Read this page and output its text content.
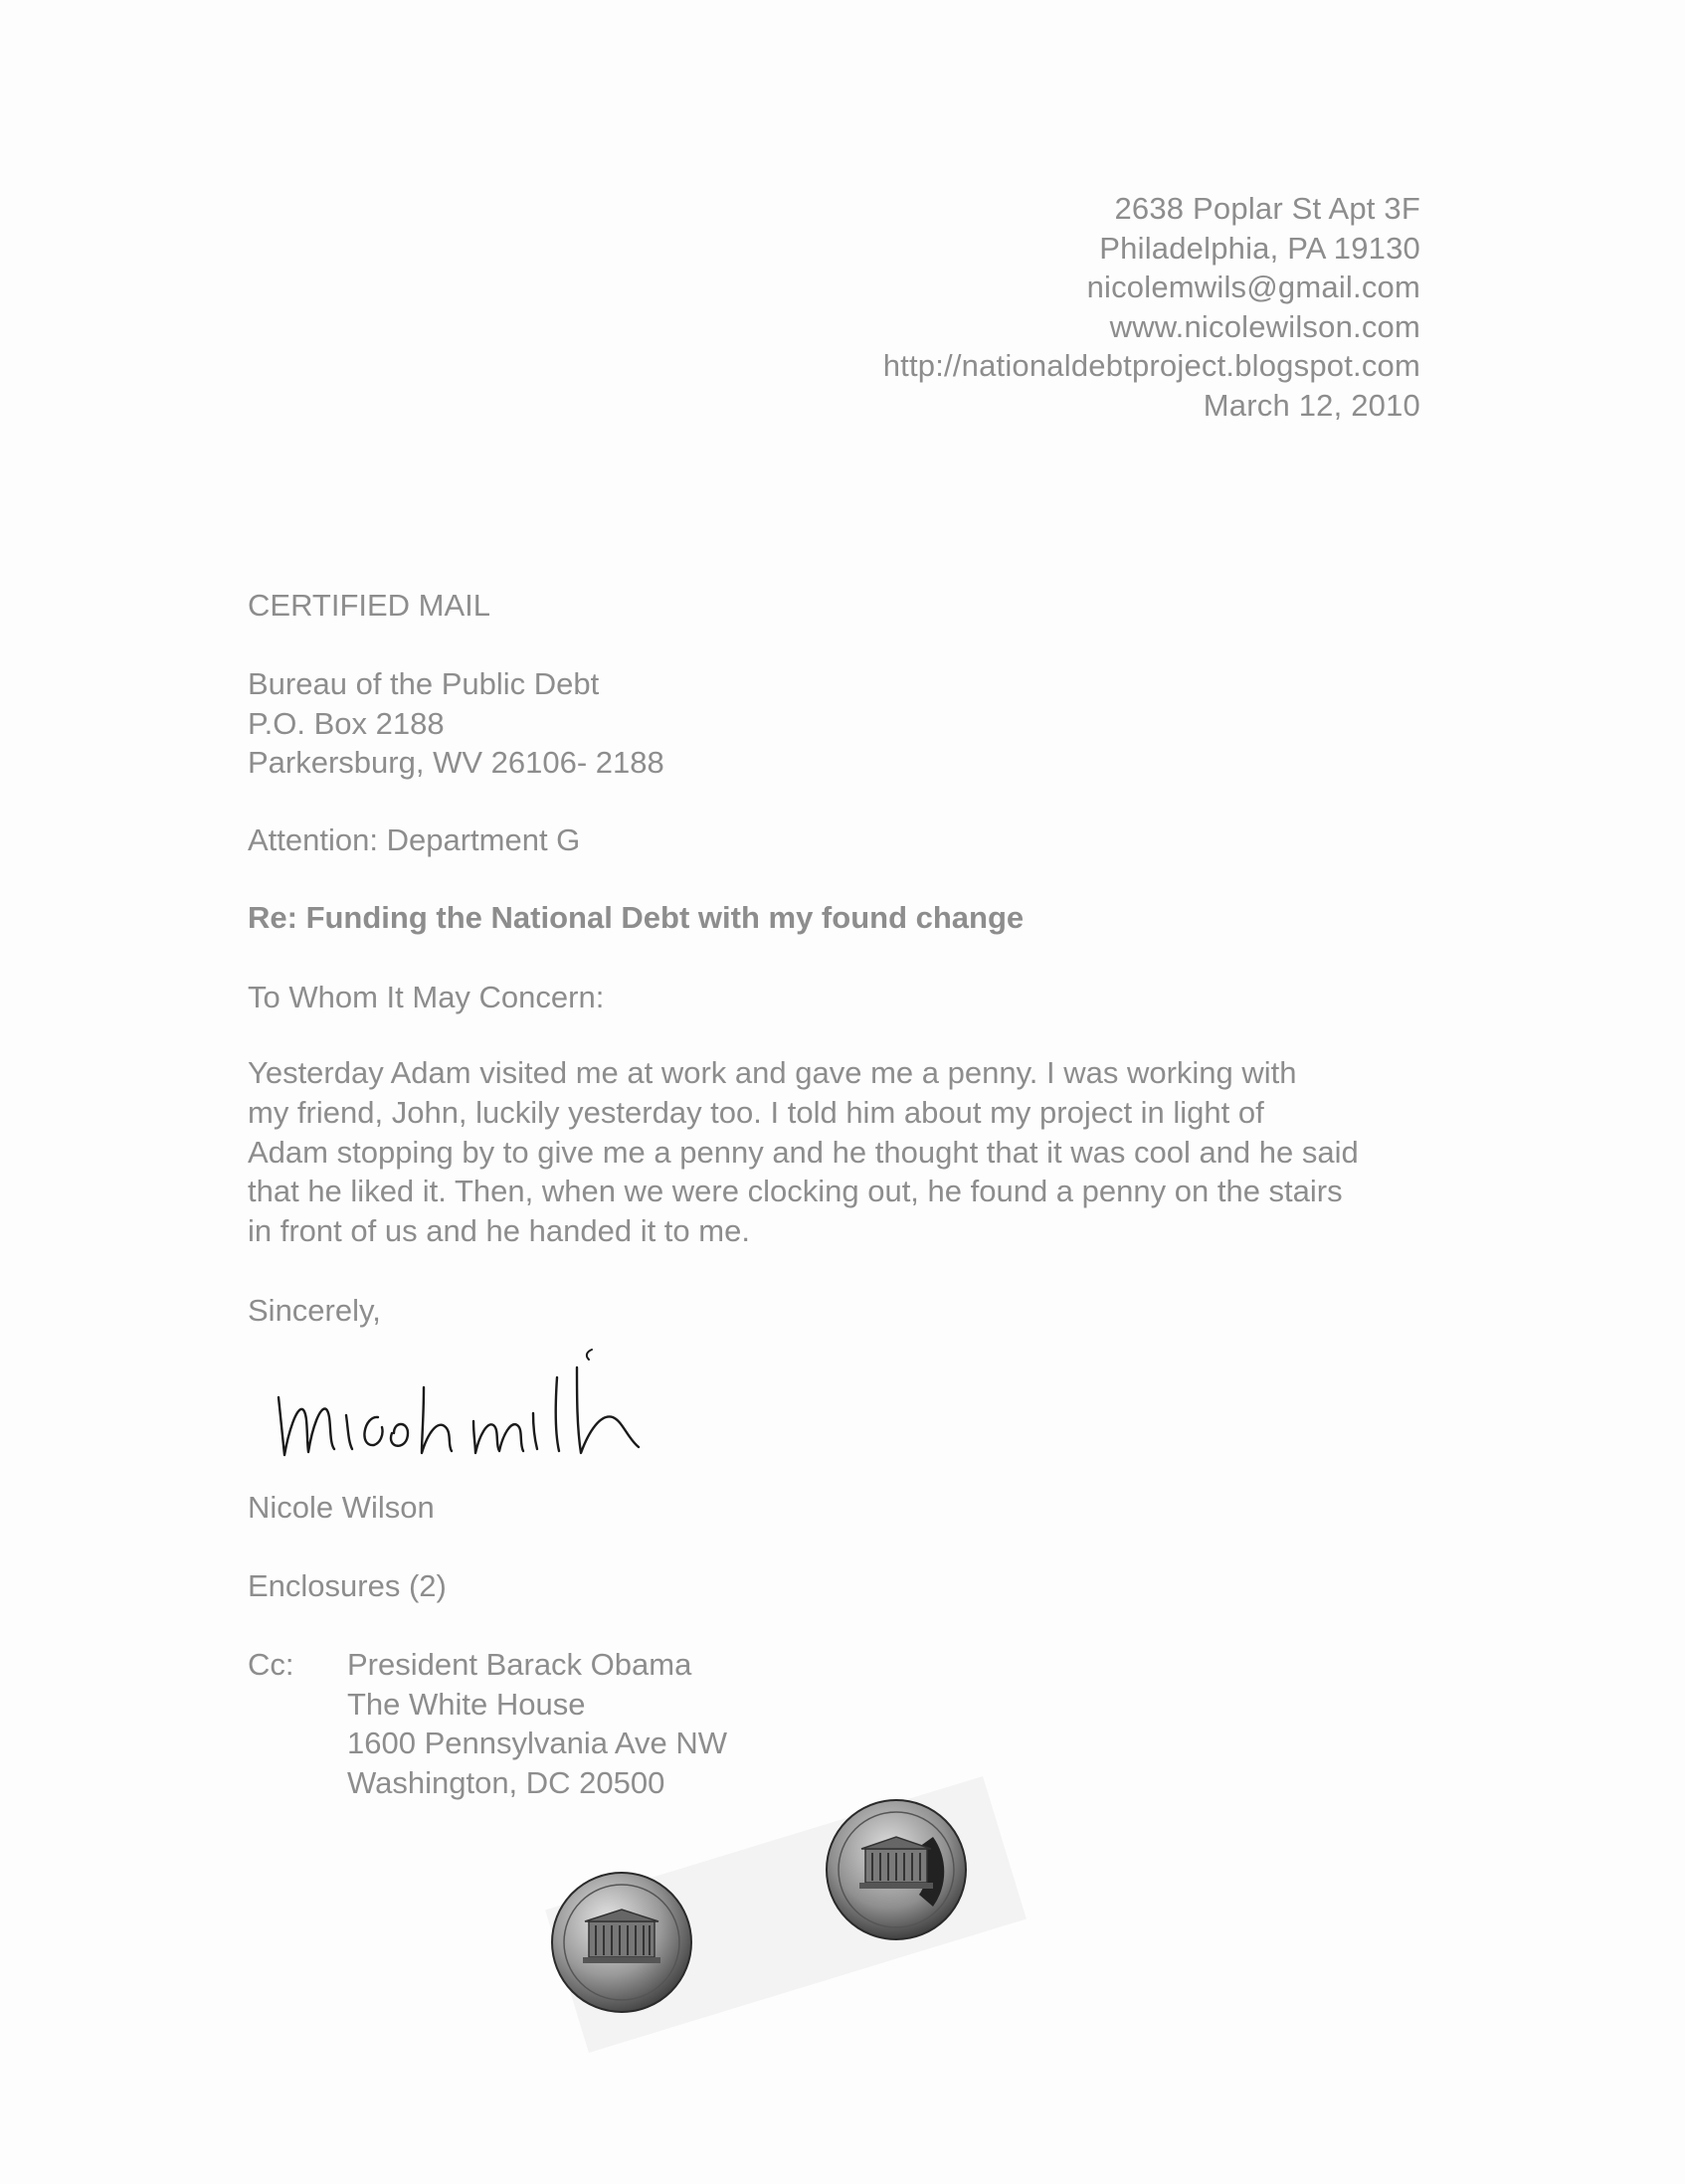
2638 Poplar St Apt 3F
Philadelphia, PA 19130
nicolemwils@gmail.com
www.nicolewilson.com
http://nationaldebtproject.blogspot.com
March 12, 2010
CERTIFIED MAIL
Bureau of the Public Debt
P.O. Box 2188
Parkersburg, WV 26106- 2188
Attention: Department G
Re: Funding the National Debt with my found change
To Whom It May Concern:
Yesterday Adam visited me at work and gave me a penny. I was working with
my friend, John, luckily yesterday too. I told him about my project in light of
Adam stopping by to give me a penny and he thought that it was cool and he said
that he liked it. Then, when we were clocking out, he found a penny on the stairs
in front of us and he handed it to me.
Sincerely,
Nicole Wilson
Enclosures (2)
Cc:	President Barack Obama
The White House
1600 Pennsylvania Ave NW
Washington, DC 20500
